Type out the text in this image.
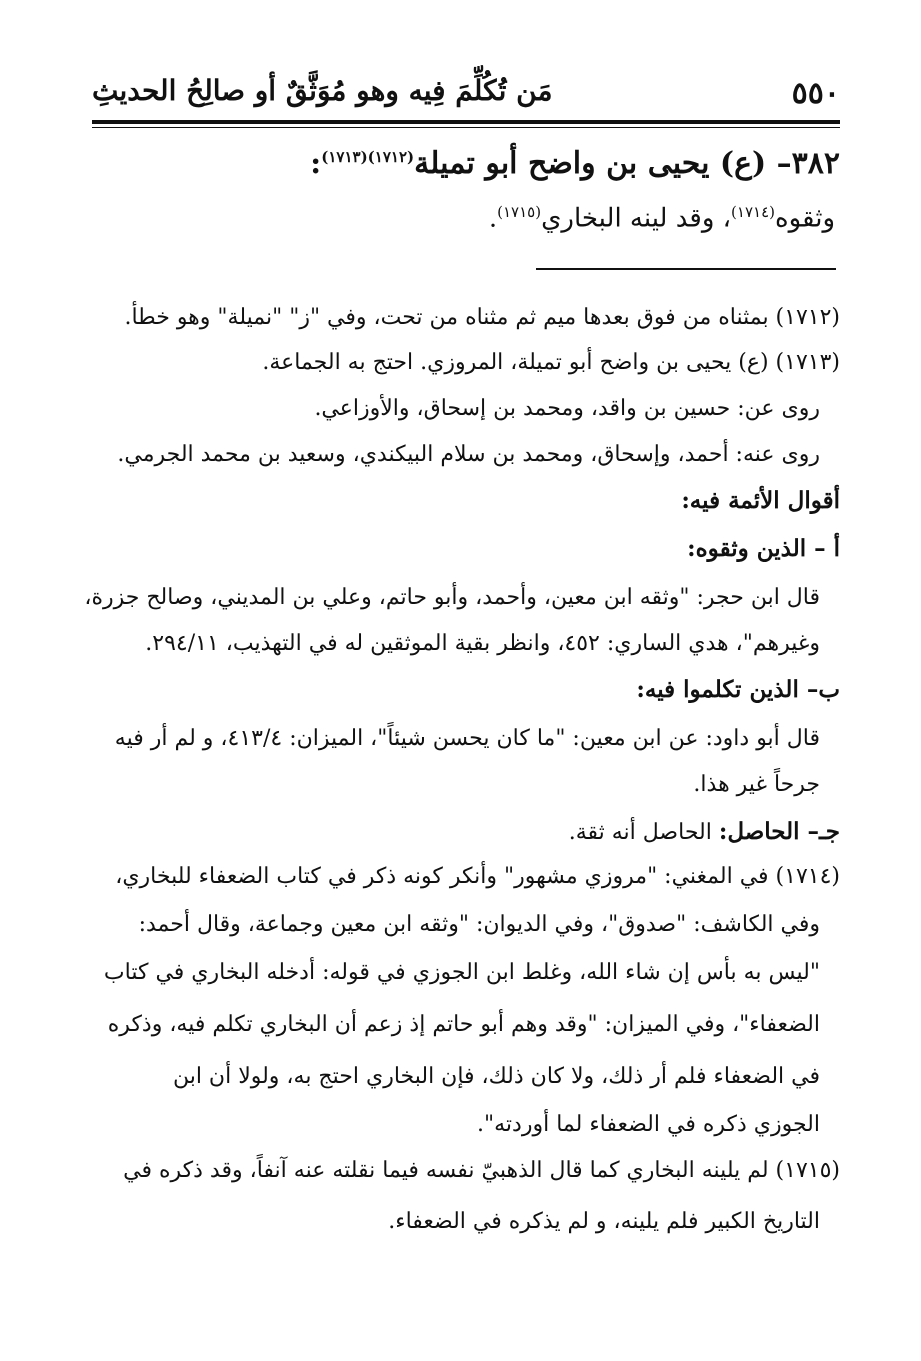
٥٥٠
مَن تُكُلِّمَ فِيه وهو مُوَثَّقٌ أو صالِحُ الحديثِ
٣٨٢– (ع) يحيى بن واضح أبو تميلة$^{(١٧١٢)(١٧١٣)}$:
وثقوه$^{(١٧١٤)}$، وقد لينه البخاري$^{(١٧١٥)}$.
(١٧١٢) بمثناه من فوق بعدها ميم ثم مثناه من تحت، وفي "ز" "نميلة" وهو خطأ.
(١٧١٣) (ع) يحيى بن واضح أبو تميلة، المروزي. احتج به الجماعة.
روى عن: حسين بن واقد، ومحمد بن إسحاق، والأوزاعي.
روى عنه: أحمد، وإسحاق، ومحمد بن سلام البيكندي، وسعيد بن محمد الجرمي.
أقوال الأئمة فيه:
أ – الذين وثقوه:
قال ابن حجر: "وثقه ابن معين، وأحمد، وأبو حاتم، وعلي بن المديني، وصالح جزرة،
وغيرهم"، هدي الساري: ٤٥٢، وانظر بقية الموثقين له في التهذيب، ٢٩٤/١١.
ب– الذين تكلموا فيه:
قال أبو داود: عن ابن معين: "ما كان يحسن شيئاً"، الميزان: ٤١٣/٤، و لم أر فيه
جرحاً غير هذا.
جـ– الحاصل: الحاصل أنه ثقة.
(١٧١٤) في المغني: "مروزي مشهور" وأنكر كونه ذكر في كتاب الضعفاء للبخاري،
وفي الكاشف: "صدوق"، وفي الديوان: "وثقه ابن معين وجماعة، وقال أحمد:
"ليس به بأس إن شاء الله، وغلط ابن الجوزي في قوله: أدخله البخاري في كتاب
الضعفاء"، وفي الميزان: "وقد وهم أبو حاتم إذ زعم أن البخاري تكلم فيه، وذكره
في الضعفاء فلم أر ذلك، ولا كان ذلك، فإن البخاري احتج به، ولولا أن ابن
الجوزي ذكره في الضعفاء لما أوردته".
(١٧١٥) لم يلينه البخاري كما قال الذهبيّ نفسه فيما نقلته عنه آنفاً، وقد ذكره في
التاريخ الكبير فلم يلينه، و لم يذكره في الضعفاء.
